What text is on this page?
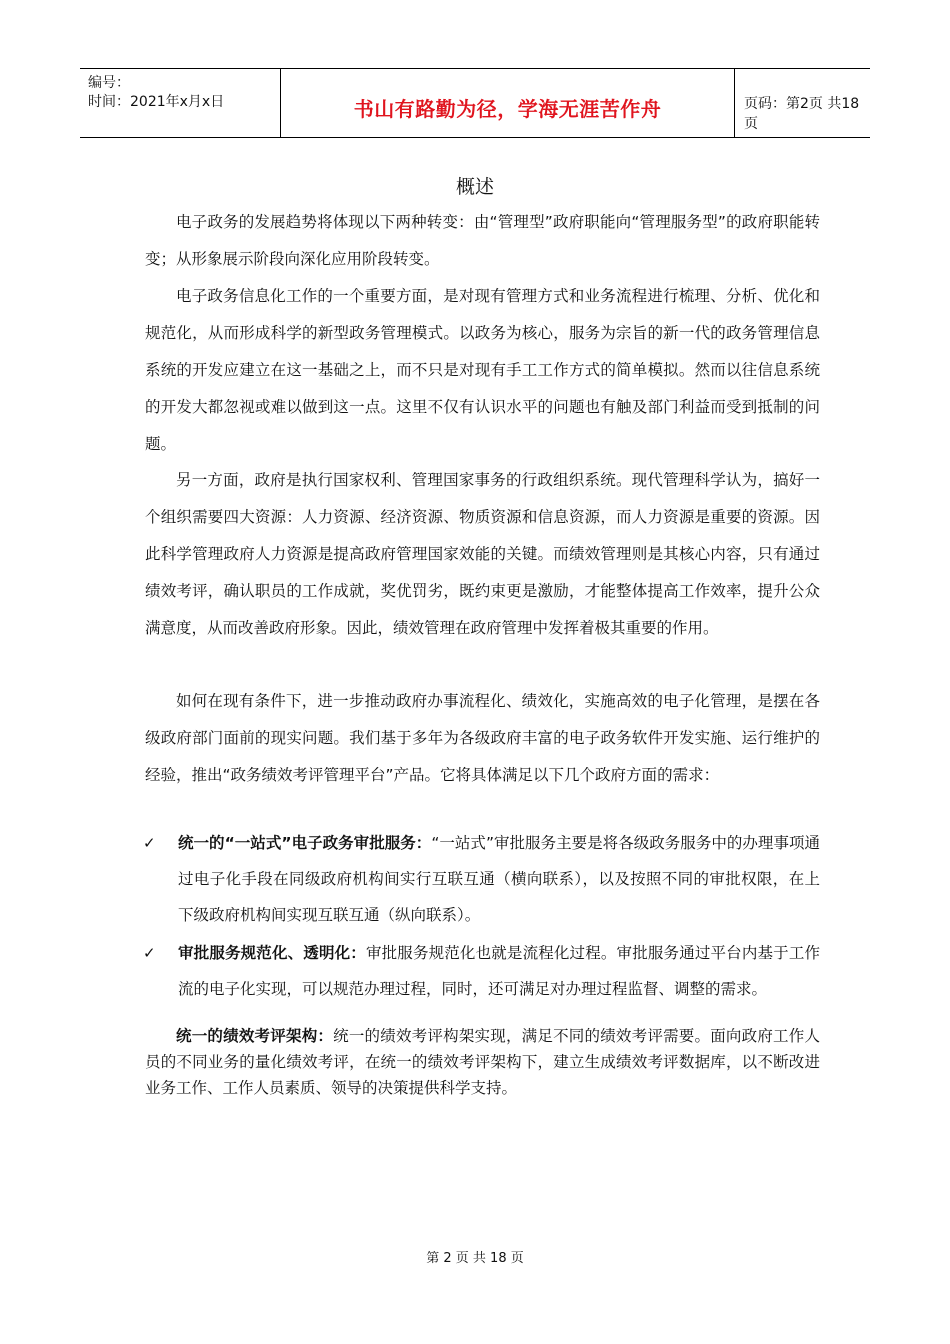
编号：
时间：2021年x月x日	书山有路勤为径，学海无涯苦作舟	页码：第2页 共18页
概述

电子政务的发展趋势将体现以下两种转变：由“管理型”政府职能向“管理服务型”的政府职能转变；从形象展示阶段向深化应用阶段转变。

电子政务信息化工作的一个重要方面，是对现有管理方式和业务流程进行梳理、分析、优化和规范化，从而形成科学的新型政务管理模式。以政务为核心，服务为宗旨的新一代的政务管理信息系统的开发应建立在这一基础之上，而不只是对现有手工工作方式的简单模拟。然而以往信息系统的开发大都忽视或难以做到这一点。这里不仅有认识水平的问题也有触及部门利益而受到抵制的问题。

另一方面，政府是执行国家权利、管理国家事务的行政组织系统。现代管理科学认为，搞好一个组织需要四大资源：人力资源、经济资源、物质资源和信息资源，而人力资源是重要的资源。因此科学管理政府人力资源是提高政府管理国家效能的关键。而绩效管理则是其核心内容，只有通过绩效考评，确认职员的工作成就，奖优罚劣，既约束更是激励，才能整体提高工作效率，提升公众满意度，从而改善政府形象。因此，绩效管理在政府管理中发挥着极其重要的作用。

如何在现有条件下，进一步推动政府办事流程化、绩效化，实施高效的电子化管理，是摆在各级政府部门面前的现实问题。我们基于多年为各级政府丰富的电子政务软件开发实施、运行维护的经验，推出“政务绩效考评管理平台”产品。它将具体满足以下几个政府方面的需求：

✓ 统一的“一站式”电子政务审批服务：“一站式”审批服务主要是将各级政务服务中的办理事项通过电子化手段在同级政府机构间实行互联互通（横向联系），以及按照不同的审批权限，在上下级政府机构间实现互联互通（纵向联系）。
✓ 审批服务规范化、透明化：审批服务规范化也就是流程化过程。审批服务通过平台内基于工作流的电子化实现，可以规范办理过程，同时，还可满足对办理过程监督、调整的需求。
统一的绩效考评架构：统一的绩效考评构架实现，满足不同的绩效考评需要。面向政府工作人员的不同业务的量化绩效考评，在统一的绩效考评架构下，建立生成绩效考评数据库，以不断改进业务工作、工作人员素质、领导的决策提供科学支持。
第 2 页 共 18 页
